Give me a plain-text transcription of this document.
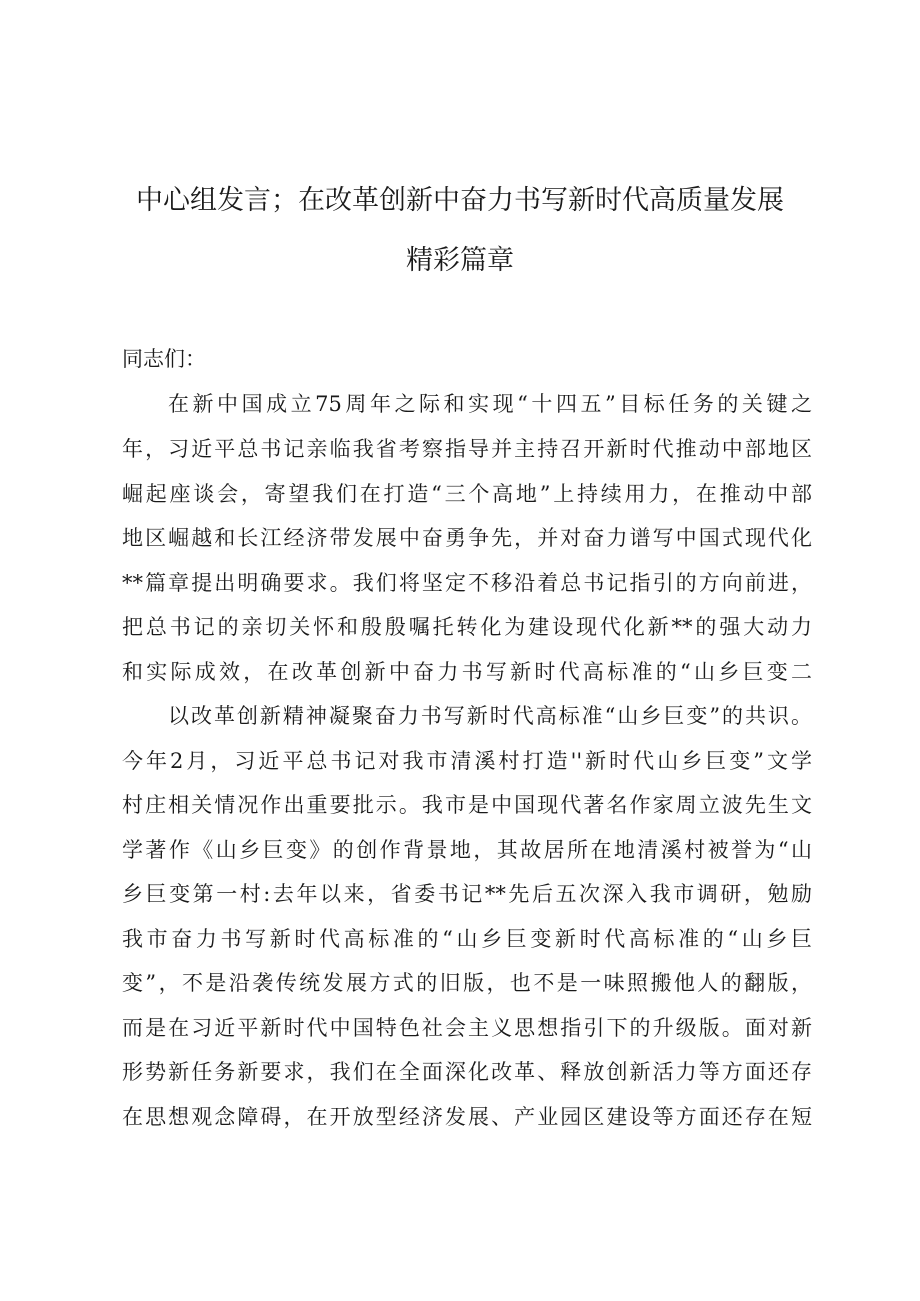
中心组发言；在改革创新中奋力书写新时代高质量发展
精彩篇章

同志们：

在新中国成立75周年之际和实现“十四五”目标任务的关键之

年，习近平总书记亲临我省考察指导并主持召开新时代推动中部地区

崛起座谈会，寄望我们在打造“三个高地”上持续用力，在推动中部

地区崛越和长江经济带发展中奋勇争先，并对奋力谱写中国式现代化

**篇章提出明确要求。我们将坚定不移沿着总书记指引的方向前进，

把总书记的亲切关怀和殷殷嘱托转化为建设现代化新**的强大动力

和实际成效，在改革创新中奋力书写新时代高标准的“山乡巨变二

以改革创新精神凝聚奋力书写新时代高标准“山乡巨变”的共识。

今年2月，习近平总书记对我市清溪村打造''新时代山乡巨变”文学

村庄相关情况作出重要批示。我市是中国现代著名作家周立波先生文

学著作《山乡巨变》的创作背景地，其故居所在地清溪村被誉为“山

乡巨变第一村:去年以来，省委书记**先后五次深入我市调研，勉励

我市奋力书写新时代高标准的“山乡巨变新时代高标准的“山乡巨

变”，不是沿袭传统发展方式的旧版，也不是一味照搬他人的翻版，

而是在习近平新时代中国特色社会主义思想指引下的升级版。面对新

形势新任务新要求，我们在全面深化改革、释放创新活力等方面还存

在思想观念障碍，在开放型经济发展、产业园区建设等方面还存在短
